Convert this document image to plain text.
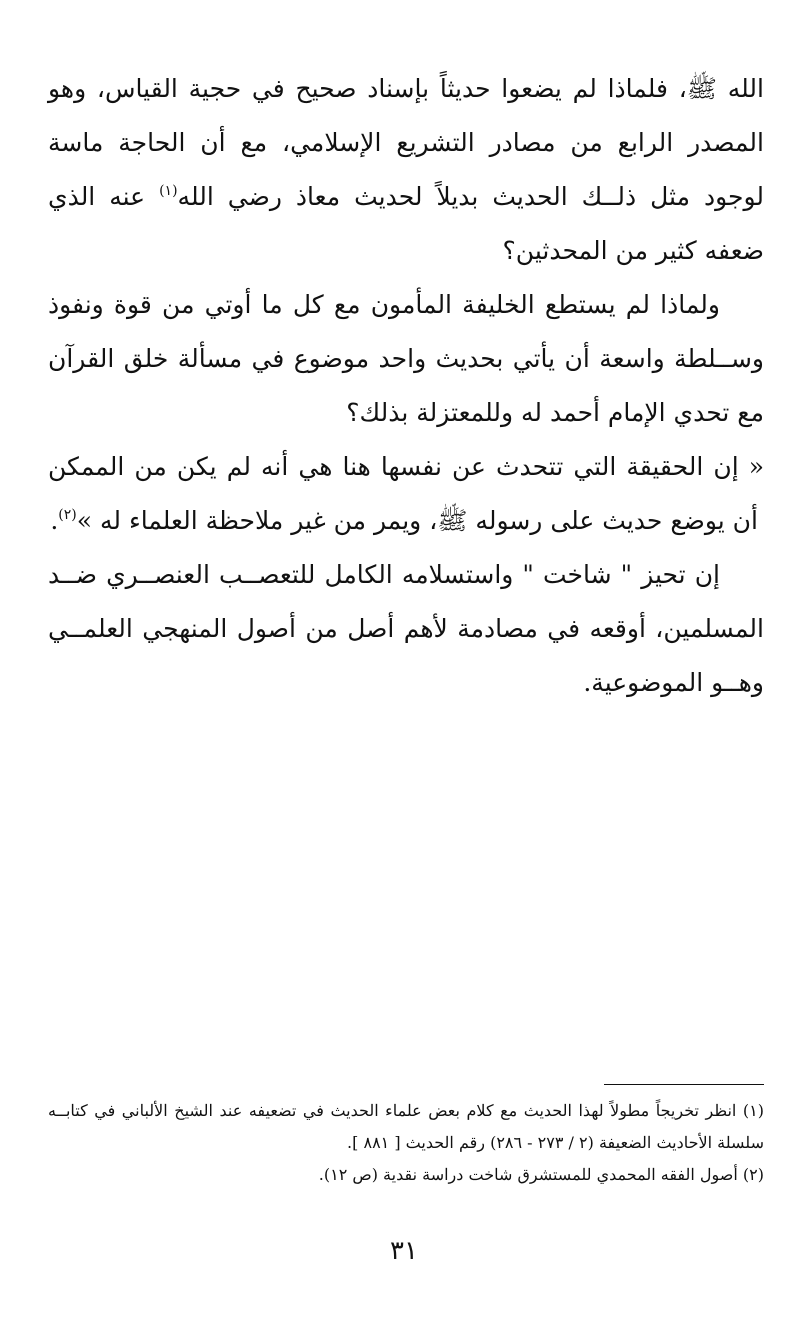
الله ﷺ، فلماذا لم يضعوا حديثاً بإسناد صحيح في حجية القياس، وهو المصدر الرابع من مصادر التشريع الإسلامي، مع أن الحاجة ماسة لوجود مثل ذلــك الحديث بديلاً لحديث معاذ رضي الله$^{(١)}$ عنه الذي ضعفه كثير من المحدثين؟

ولماذا لم يستطع الخليفة المأمون مع كل ما أوتي من قوة ونفوذ وســلطة واسعة أن يأتي بحديث واحد موضوع في مسألة خلق القرآن مع تحدي الإمام أحمد له وللمعتزلة بذلك؟

« إن الحقيقة التي تتحدث عن نفسها هنا هي أنه لم يكن من الممكن أن يوضع حديث على رسوله ﷺ، ويمر من غير ملاحظة العلماء له »$^{(٢)}$.

إن تحيز " شاخت " واستسلامه الكامل للتعصــب العنصــري ضــد المسلمين، أوقعه في مصادمة لأهم أصل من أصول المنهجي العلمــي وهــو الموضوعية.

(١) انظر تخريجاً مطولاً لهذا الحديث مع كلام بعض علماء الحديث في تضعيفه عند الشيخ الألباني في كتابــه سلسلة الأحاديث الضعيفة (٢ / ٢٧٣ - ٢٨٦) رقم الحديث [ ٨٨١ ].

(٢) أصول الفقه المحمدي للمستشرق شاخت دراسة نقدية (ص ١٢).

٣١
